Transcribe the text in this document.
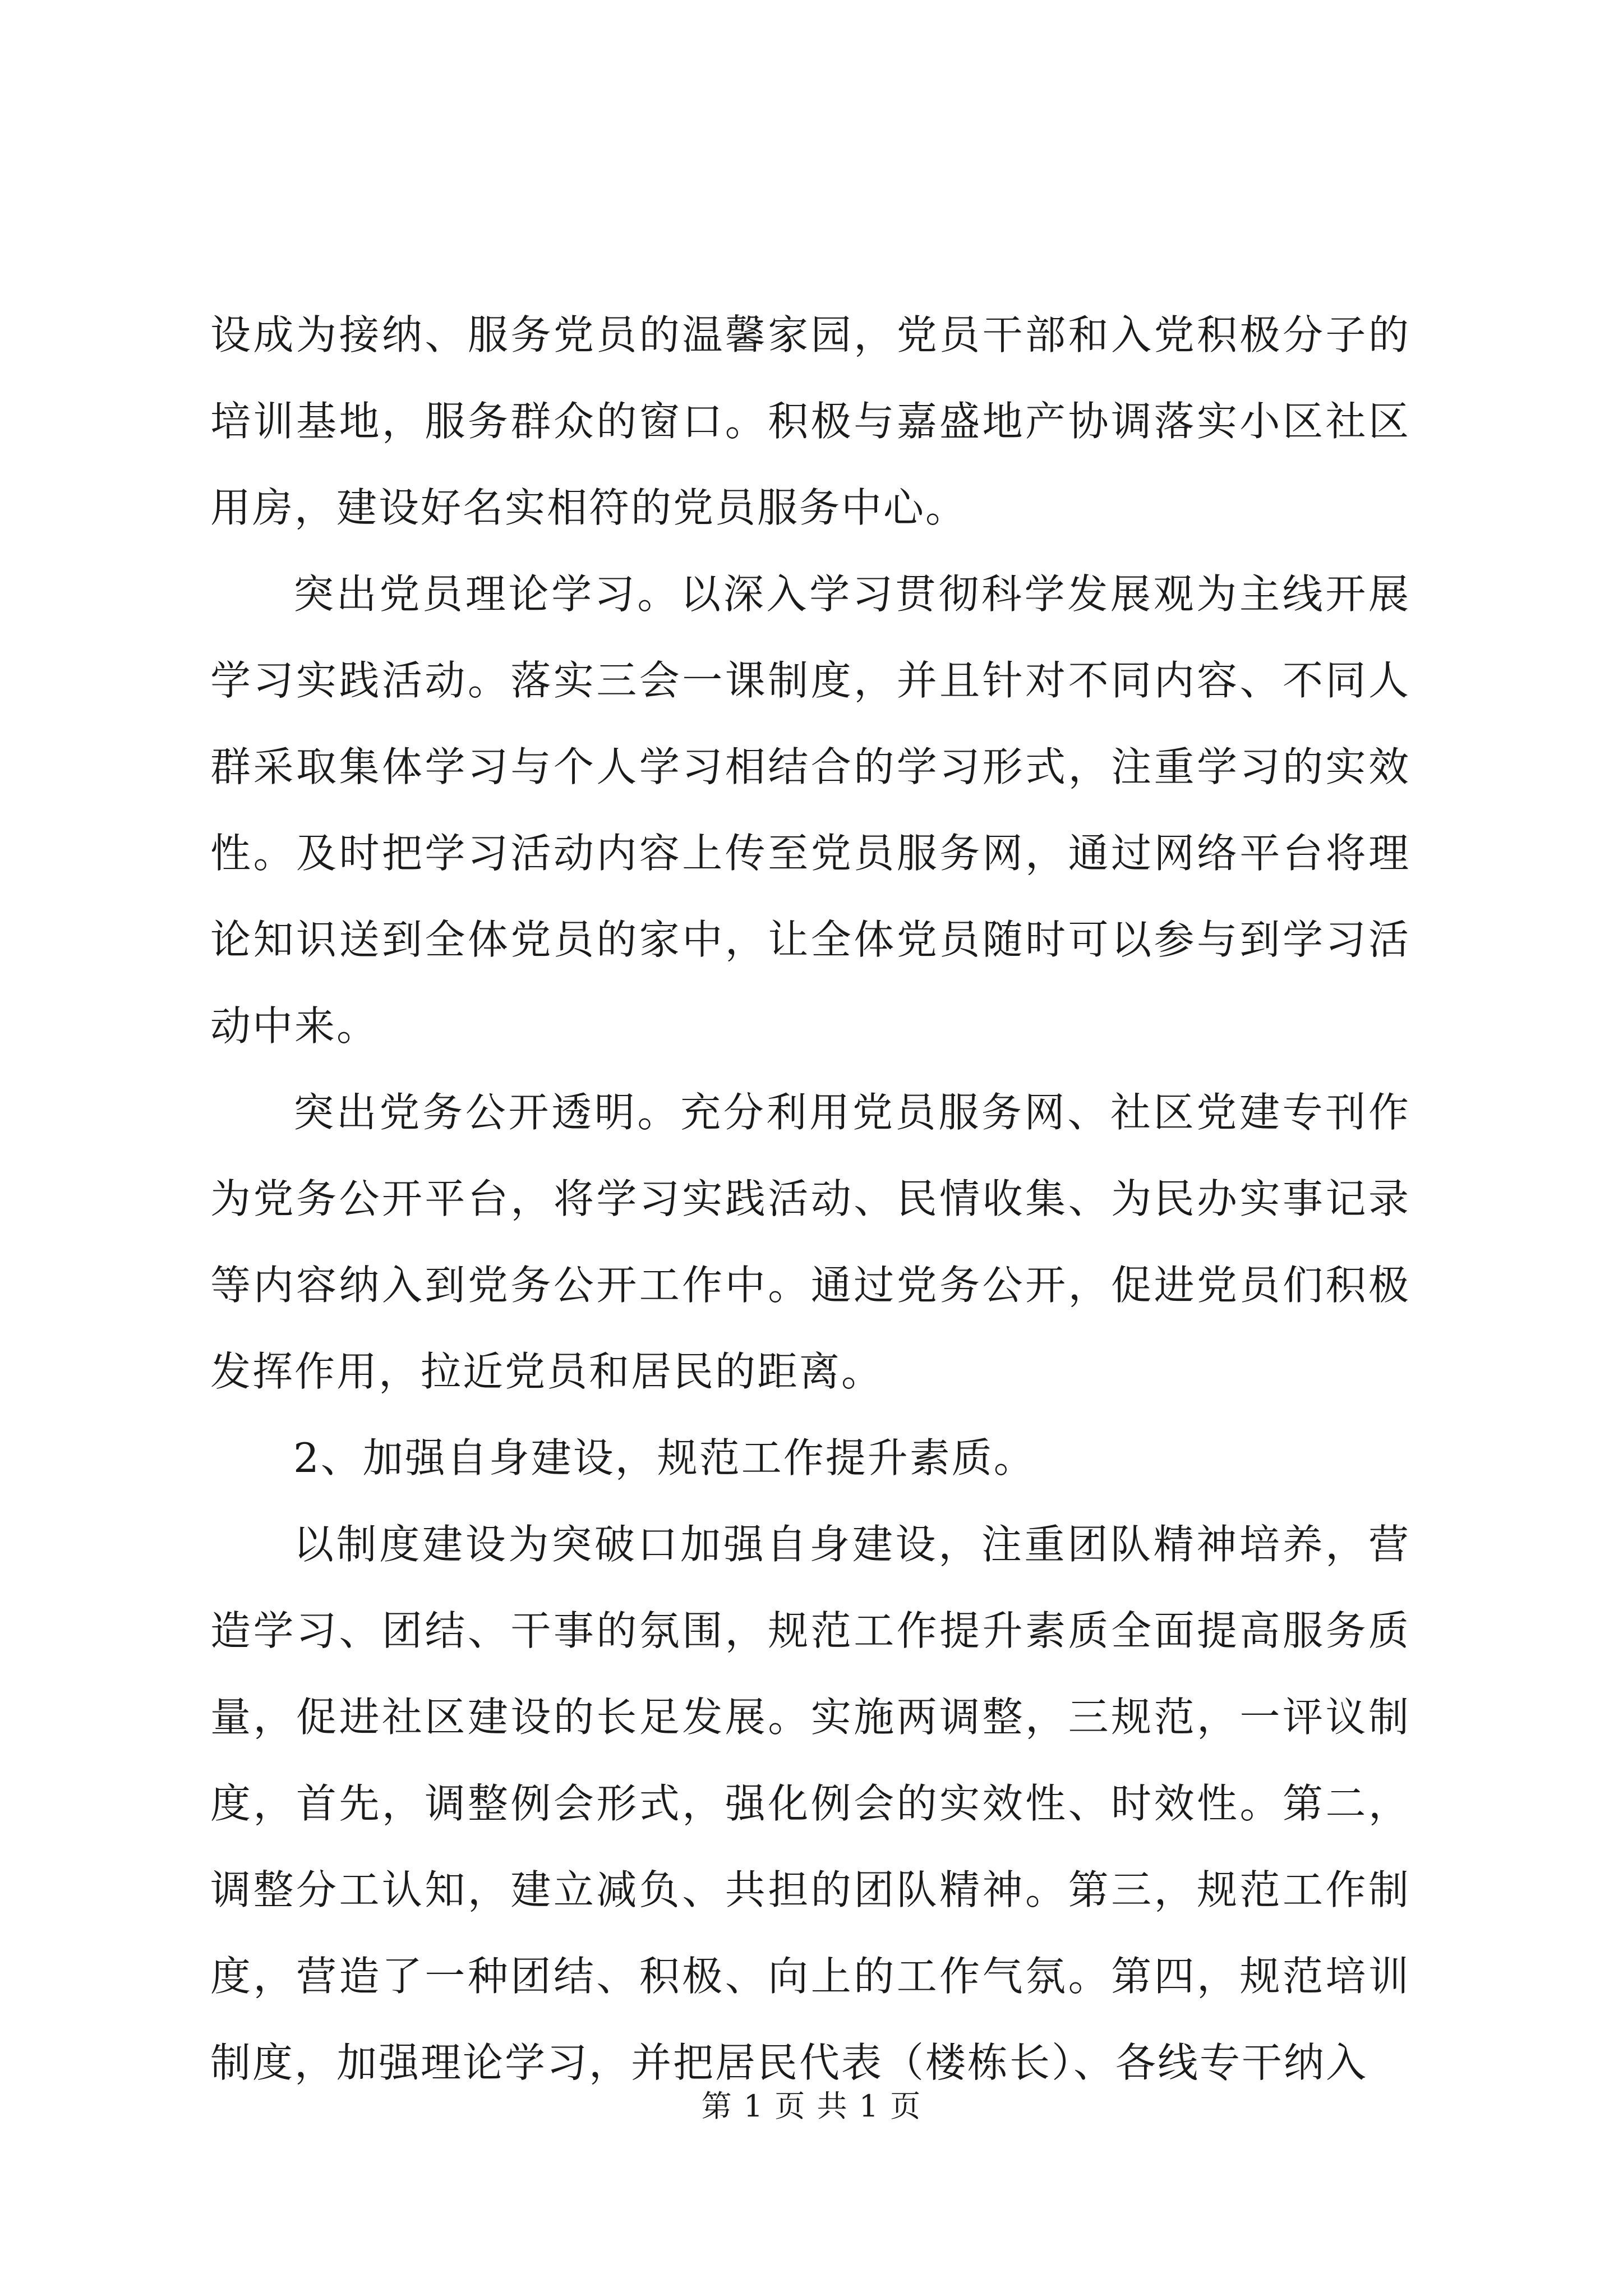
设成为接纳、服务党员的温馨家园，党员干部和入党积极分子的培训基地，服务群众的窗口。积极与嘉盛地产协调落实小区社区用房，建设好名实相符的党员服务中心。

突出党员理论学习。以深入学习贯彻科学发展观为主线开展学习实践活动。落实三会一课制度，并且针对不同内容、不同人群采取集体学习与个人学习相结合的学习形式，注重学习的实效性。及时把学习活动内容上传至党员服务网，通过网络平台将理论知识送到全体党员的家中，让全体党员随时可以参与到学习活动中来。

突出党务公开透明。充分利用党员服务网、社区党建专刊作为党务公开平台，将学习实践活动、民情收集、为民办实事记录等内容纳入到党务公开工作中。通过党务公开，促进党员们积极发挥作用，拉近党员和居民的距离。

2、加强自身建设，规范工作提升素质。

以制度建设为突破口加强自身建设，注重团队精神培养，营造学习、团结、干事的氛围，规范工作提升素质全面提高服务质量，促进社区建设的长足发展。实施两调整，三规范，一评议制度，首先，调整例会形式，强化例会的实效性、时效性。第二，调整分工认知，建立减负、共担的团队精神。第三，规范工作制度，营造了一种团结、积极、向上的工作气氛。第四，规范培训制度，加强理论学习，并把居民代表（楼栋长）、各线专干纳入

第 1 页 共 1 页
